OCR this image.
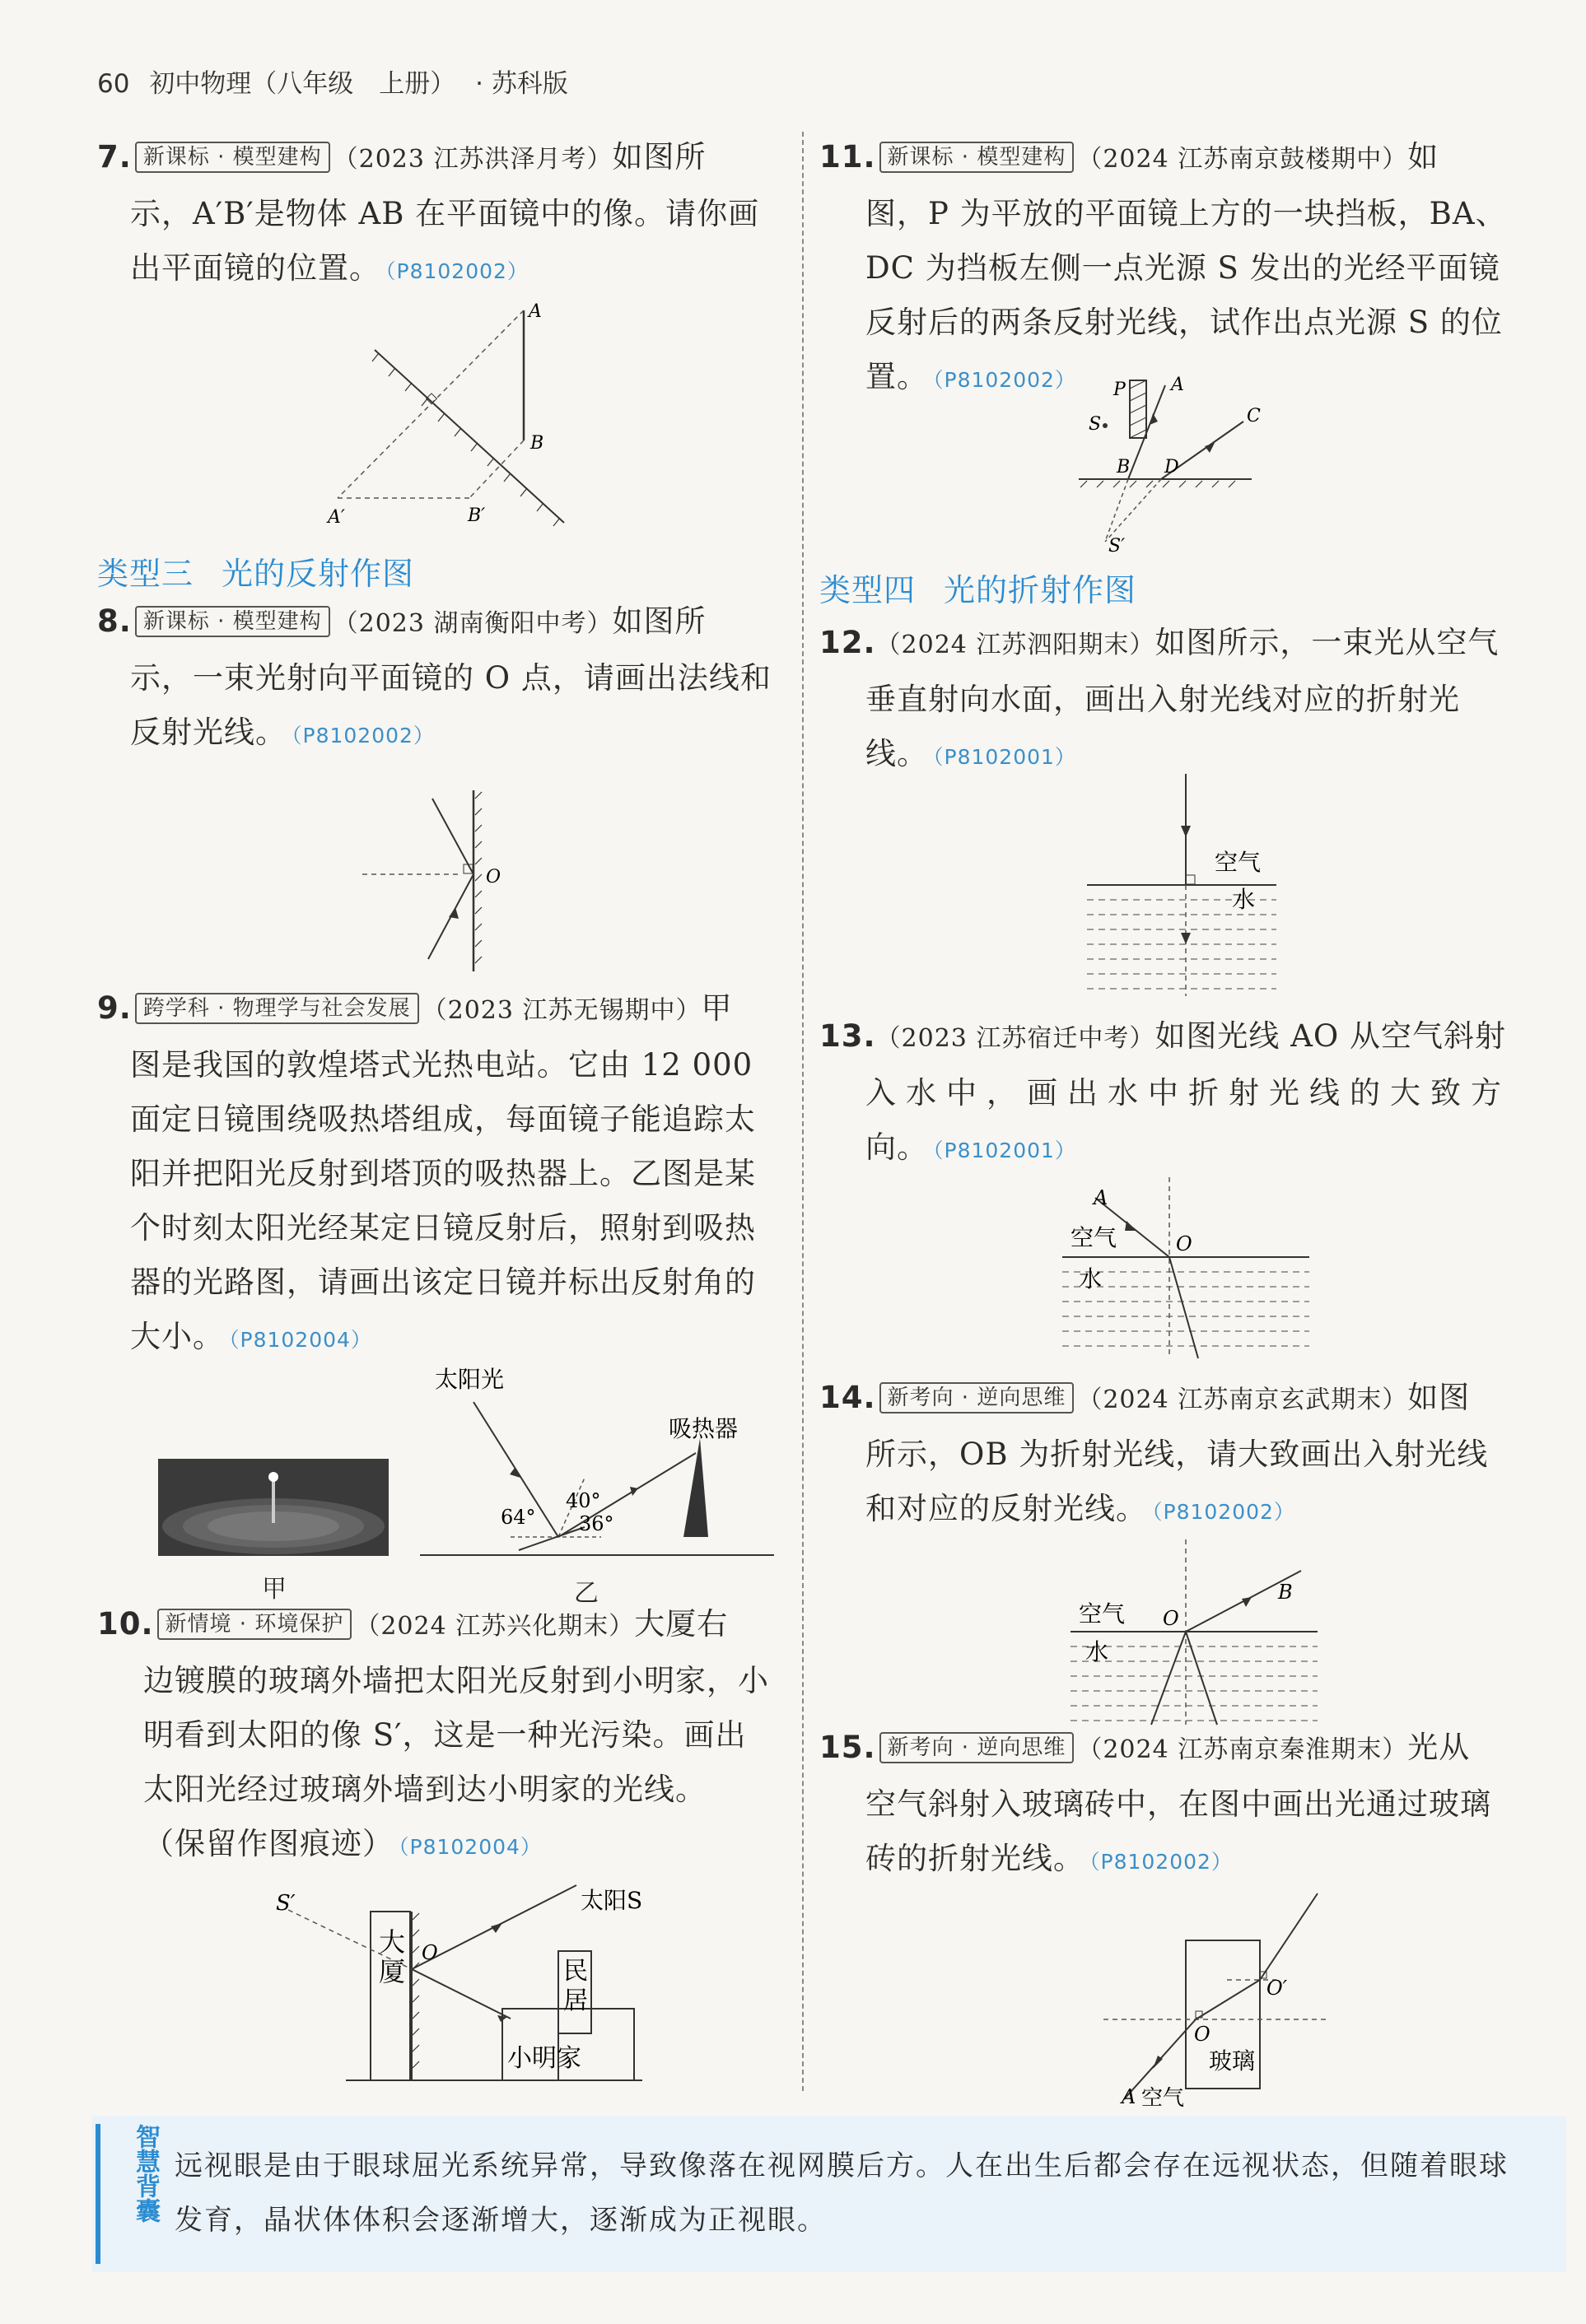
60 初中物理（八年级　上册） · 苏科版
7. 新课标 · 模型建构 （2023 江苏洪泽月考）如图所
示，A′B′是物体 AB 在平面镜中的像。请你画
出平面镜的位置。 （P8102002）
A
B
A′	B′
类型三 光的反射作图
8. 新课标 · 模型建构 （2023 湖南衡阳中考）如图所
示，一束光射向平面镜的 O 点，请画出法线和
反射光线。 （P8102002）
O
9. 跨学科 · 物理学与社会发展 （2023 江苏无锡期中）甲
图是我国的敦煌塔式光热电站。它由 12 000
面定日镜围绕吸热塔组成，每面镜子能追踪太
阳并把阳光反射到塔顶的吸热器上。乙图是某
个时刻太阳光经某定日镜反射后，照射到吸热
器的光路图，请画出该定日镜并标出反射角的
大小。 （P8102004）
太阳光
吸热器
64°
40°
36°
甲	乙
10. 新情境 · 环境保护 （2024 江苏兴化期末）大厦右
边镀膜的玻璃外墙把太阳光反射到小明家，小
明看到太阳的像 S′，这是一种光污染。画出
太阳光经过玻璃外墙到达小明家的光线。
（保留作图痕迹） （P8102004）
S′	太阳S
大
厦
O
民
居
小明家
11. 新课标 · 模型建构 （2024 江苏南京鼓楼期中）如
图，P 为平放的平面镜上方的一块挡板，BA、
DC 为挡板左侧一点光源 S 发出的光经平面镜
反射后的两条反射光线，试作出点光源 S 的位
置。 （P8102002）	P
S
A
C
B D
S′
类型四 光的折射作图
12.（2024 江苏泗阳期末）如图所示，一束光从空气
垂直射向水面，画出入射光线对应的折射光
线。 （P8102001）
空气
水
13.（2023 江苏宿迁中考）如图光线 AO 从空气斜射
入水中，画出水中折射光线的大致方
向。 （P8102001）
A
空气	O
水
14. 新考向 · 逆向思维 （2024 江苏南京玄武期末）如图
所示，OB 为折射光线，请大致画出入射光线
和对应的反射光线。 （P8102002）
空气 O
B
水
15. 新考向 · 逆向思维 （2024 江苏南京秦淮期末）光从
空气斜射入玻璃砖中，在图中画出光通过玻璃
砖的折射光线。 （P8102002）
O′
O
玻璃
A 空气
智慧背囊 远视眼是由于眼球屈光系统异常，导致像落在视网膜后方。人在出生后都会存在远视状态，但随着眼球发育，晶状体体积会逐渐增大，逐渐成为正视眼。
